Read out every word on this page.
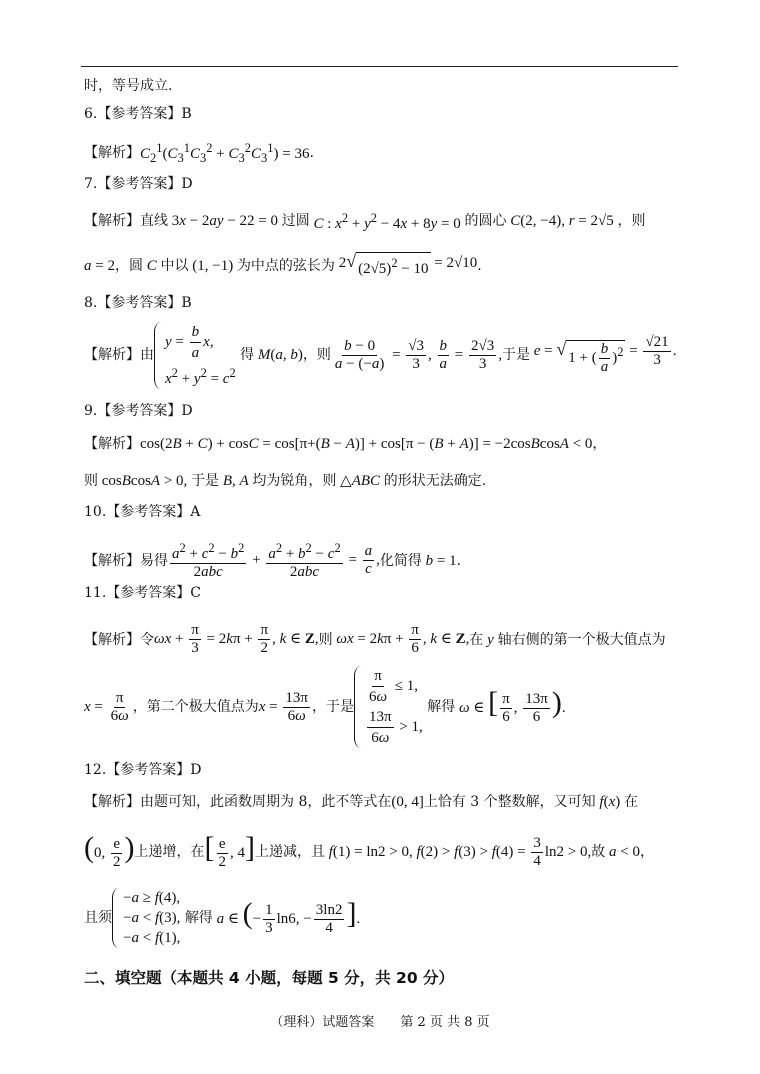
时，等号成立.
6.【参考答案】B
【解析】 $C_2^1(C_3^1C_3^2 + C_3^2C_3^1) = 36$ .
7.【参考答案】D
【解析】直线 3x − 2ay − 22 = 0 过圆 C : $x^2 + y^2 - 4x + 8y = 0$ 的圆心 C(2, −4), r = 2√5 ，则
a = 2 ，圆 C 中以 (1, −1) 为中点的弦长为 2 √ $(2√5)^2 - 10 = 2√10$ .
8.【参考答案】B
【解析】由
$y = \frac{b}{a} x$,
$x^2 + y^2 = c^2$

得 M(a, b) ，则 $\frac{b - 0}{a - (-a)} = \frac{√3}{3}$ , $\frac{b}{a} = \frac{2√3}{3}$ , 于是 e = √ 1 + ( $\frac{b}{a} )^2 = \frac{√21}{3}$ .
9.【参考答案】D
【解析】 cos(2B + C) + cosC = cos[π+(B − A)] + cos[π − (B + A)] = −2cosBcosA < 0 ，
则 cosBcosA > 0, 于是 B, A 均为锐角，则 △ABC 的形状无法确定.
10.【参考答案】A
【解析】易得 $\frac{a^2 + c^2 - b^2}{\text{2abc}} + \frac{a^2 + b^2 - c^2}{\text{2abc}} = \frac{a}{c}$ , 化简得 b = 1 .
11.【参考答案】C
【解析】令 $\omega x + \frac{\pi}{3} = 2k\pi + \frac{\pi}{2}$ , k ∈ Z, 则 $\omega x = 2k\pi + \frac{\pi}{6}$ , k ∈ Z, 在 y 轴右侧的第一个极大值点为
$x = \frac{\pi}{6\omega}$ ，第二个极大值点为 $x = \frac{13\pi}{6\omega}$ ，于是 $\frac{\pi}{6\omega} \le 1$,
$\frac{13\pi}{6\omega} > 1$,

解得 ω ∈ [ $\frac{\pi}{6}$ , $\frac{13\pi}{6}$ ).
12.【参考答案】D
【解析】由题可知，此函数周期为 8，此不等式在 (0, 4] 上恰有 3 个整数解，又可知 f(x) 在
(0, $\frac{e}{2}$ ) 上递增，在 [ $\frac{e}{2}$ , 4] 上递减，且 f(1) = ln2 > 0, $f(2) > f(3) > f(4) = \frac{3}{4} \ln 2 > 0$, 故 a < 0 ，
且须
−a ≥ f(4),
−a < f(3),
−a < f(1),

解得 a ∈ (− $\frac{1}{3} \ln 6$, − $\frac{3\ln 2}{4}$ ].
二、填空题（本题共 4 小题，每题 5 分，共 20 分）
（理科）试题答案　　第 2 页 共 8 页
